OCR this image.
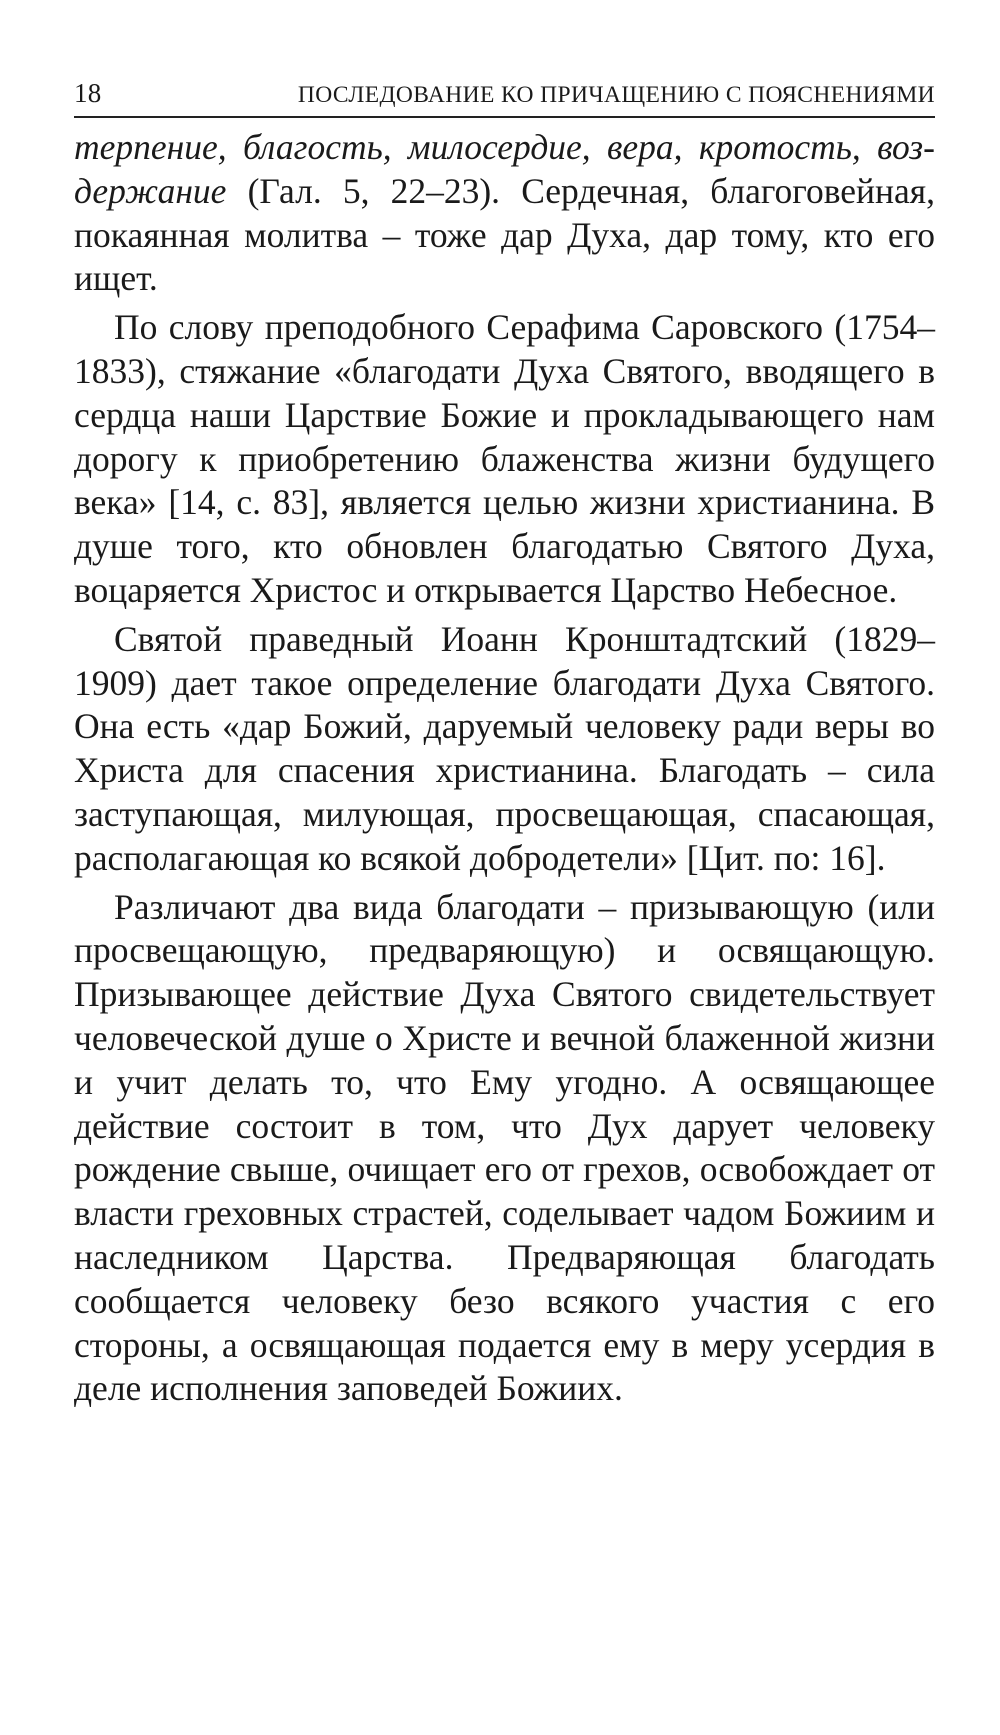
18	ПОСЛЕДОВАНИЕ КО ПРИЧАЩЕНИЮ С ПОЯСНЕНИЯМИ

терпение, благость, милосердие, вера, кротость, воздержание (Гал. 5, 22–23). Сердечная, благоговейная, покаянная молитва – тоже дар Духа, дар тому, кто его ищет.

По слову преподобного Серафима Саровского (1754–1833), стяжание «благодати Духа Святого, вводящего в сердца наши Царствие Божие и прокладывающего нам дорогу к приобретению блаженства жизни будущего века» [14, с. 83], является целью жизни христианина. В душе того, кто обновлен благодатью Святого Духа, воцаряется Христос и открывается Царство Небесное.

Святой праведный Иоанн Кронштадтский (1829–1909) дает такое определение благодати Духа Святого. Она есть «дар Божий, даруемый человеку ради веры во Христа для спасения христианина. Благодать – сила заступающая, милующая, просвещающая, спасающая, располагающая ко всякой добродетели» [Цит. по: 16].

Различают два вида благодати – призывающую (или просвещающую, предваряющую) и освящающую. Призывающее действие Духа Святого свидетельствует человеческой душе о Христе и вечной блаженной жизни и учит делать то, что Ему угодно. А освящающее действие состоит в том, что Дух дарует человеку рождение свыше, очищает его от грехов, освобождает от власти греховных страстей, соделывает чадом Божиим и наследником Царства. Предваряющая благодать сообщается человеку безо всякого участия с его стороны, а освящающая подается ему в меру усердия в деле исполнения заповедей Божиих.
